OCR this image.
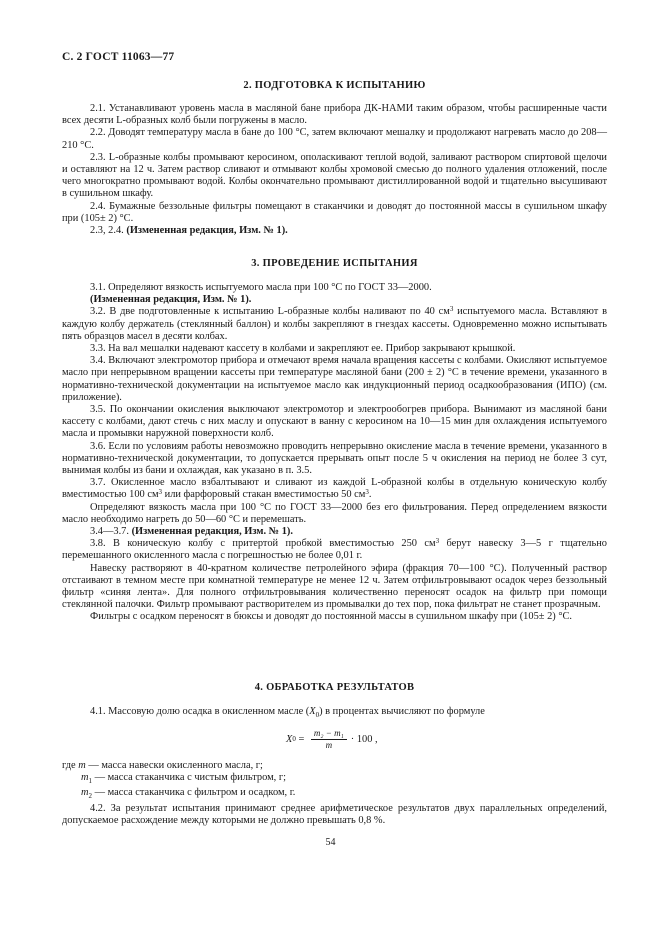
С. 2 ГОСТ 11063—77
2. ПОДГОТОВКА К ИСПЫТАНИЮ

2.1. Устанавливают уровень масла в масляной бане прибора ДК-НАМИ таким образом, чтобы расширенные части всех десяти L-образных колб были погружены в масло.

2.2. Доводят температуру масла в бане до 100 °С, затем включают мешалку и продолжают нагревать масло до 208—210 °С.

2.3. L-образные колбы промывают керосином, ополаскивают теплой водой, заливают раствором спиртовой щелочи и оставляют на 12 ч. Затем раствор сливают и отмывают колбы хромовой смесью до полного удаления отложений, после чего многократно промывают водой. Колбы окончательно промывают дистиллированной водой и тщательно высушивают в сушильном шкафу.

2.4. Бумажные беззольные фильтры помещают в стаканчики и доводят до постоянной массы в сушильном шкафу при (105± 2) °С.

2.3, 2.4. (Измененная редакция, Изм. № 1).

3. ПРОВЕДЕНИЕ ИСПЫТАНИЯ

3.1. Определяют вязкость испытуемого масла при 100 °С по ГОСТ 33—2000.

(Измененная редакция, Изм. № 1).

3.2. В две подготовленные к испытанию L-образные колбы наливают по 40 $см^3$ испытуемого масла. Вставляют в каждую колбу держатель (стеклянный баллон) и колбы закрепляют в гнездах кассеты. Одновременно можно испытывать пять образцов масел в десяти колбах.

3.3. На вал мешалки надевают кассету в колбами и закрепляют ее. Прибор закрывают крышкой.

3.4. Включают электромотор прибора и отмечают время начала вращения кассеты с колбами. Окисляют испытуемое масло при непрерывном вращении кассеты при температуре масляной бани (200 ± 2) °С в течение времени, указанного в нормативно-технической документации на испытуемое масло как индукционный период осадкообразования (ИПО) (см. приложение).

3.5. По окончании окисления выключают электромотор и электрообогрев прибора. Вынимают из масляной бани кассету с колбами, дают стечь с них маслу и опускают в ванну с керосином на 10—15 мин для охлаждения испытуемого масла и промывки наружной поверхности колб.

3.6. Если по условиям работы невозможно проводить непрерывно окисление масла в течение времени, указанного в нормативно-технической документации, то допускается прерывать опыт после 5 ч окисления на период не более 3 сут, вынимая колбы из бани и охлаждая, как указано в п. 3.5.

3.7. Окисленное масло взбалтывают и сливают из каждой L-образной колбы в отдельную коническую колбу вместимостью 100 $см^3$ или фарфоровый стакан вместимостью 50 $см^3$.

Определяют вязкость масла при 100 °С по ГОСТ 33—2000 без его фильтрования. Перед определением вязкости масло необходимо нагреть до 50—60 °С и перемешать.

3.4—3.7. (Измененная редакция, Изм. № 1).

3.8. В коническую колбу с притертой пробкой вместимостью 250 $см^3$ берут навеску 3—5 г тщательно перемешанного окисленного масла с погрешностью не более 0,01 г.

Навеску растворяют в 40-кратном количестве петролейного эфира (фракция 70—100 °С). Полученный раствор отстаивают в темном месте при комнатной температуре не менее 12 ч. Затем отфильтровывают осадок через беззольный фильтр «синяя лента». Для полного отфильтровывания количественно переносят осадок на фильтр при помощи стеклянной палочки. Фильтр промывают растворителем из промывалки до тех пор, пока фильтрат не станет прозрачным.

Фильтры с осадком переносят в бюксы и доводят до постоянной массы в сушильном шкафу при (105± 2) °С.

4. ОБРАБОТКА РЕЗУЛЬТАТОВ

4.1. Массовую долю осадка в окисленном масле $(X_0)$ в процентах вычисляют по формуле

X $0 = \frac{\text{m₂ − m₁}}{m} \cdot 100$ ,

где m — масса навески окисленного масла, г;

$m_1$ — масса стаканчика с чистым фильтром, г;

$m_2$ — масса стаканчика с фильтром и осадком, г.

4.2. За результат испытания принимают среднее арифметическое результатов двух параллельных определений, допускаемое расхождение между которыми не должно превышать 0,8 %.

54
